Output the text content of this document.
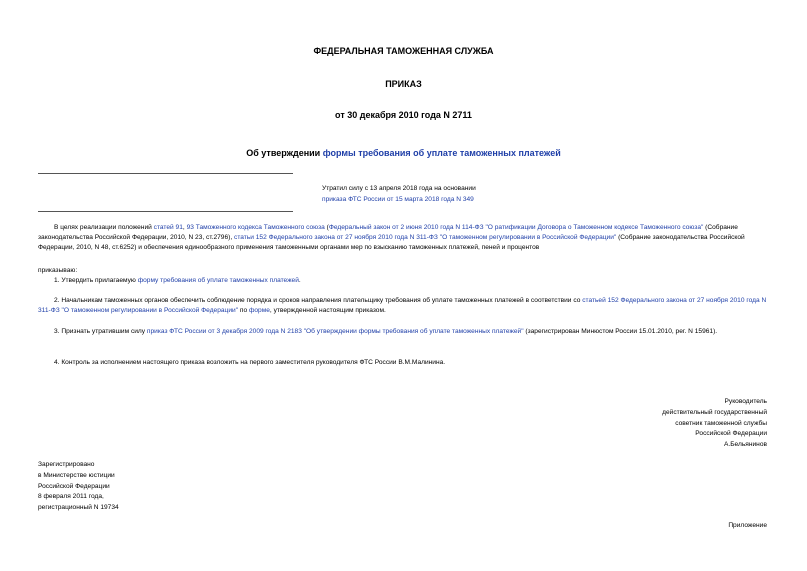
ФЕДЕРАЛЬНАЯ ТАМОЖЕННАЯ СЛУЖБА
ПРИКАЗ
от 30 декабря 2010 года N 2711
Об утверждении формы требования об уплате таможенных платежей
Утратил силу с 13 апреля 2018 года на основании
приказа ФТС России от 15 марта 2018 года N 349
В целях реализации положений статей 91, 93 Таможенного кодекса Таможенного союза (Федеральный закон от 2 июня 2010 года N 114-ФЗ "О ратификации Договора о Таможенном кодексе Таможенного союза" (Собрание законодательства Российской Федерации, 2010, N 23, ст.2796), статьи 152 Федерального закона от 27 ноября 2010 года N 311-ФЗ "О таможенном регулировании в Российской Федерации" (Собрание законодательства Российской Федерации, 2010, N 48, ст.6252) и обеспечения единообразного применения таможенными органами мер по взысканию таможенных платежей, пеней и процентов
приказываю:
1. Утвердить прилагаемую форму требования об уплате таможенных платежей.
2. Начальникам таможенных органов обеспечить соблюдение порядка и сроков направления плательщику требования об уплате таможенных платежей в соответствии со статьей 152 Федерального закона от 27 ноября 2010 года N 311-ФЗ "О таможенном регулировании в Российской Федерации" по форме, утвержденной настоящим приказом.
3. Признать утратившим силу приказ ФТС России от 3 декабря 2009 года N 2183 "Об утверждении формы требования об уплате таможенных платежей" (зарегистрирован Минюстом России 15.01.2010, рег. N 15961).
4. Контроль за исполнением настоящего приказа возложить на первого заместителя руководителя ФТС России В.М.Малинина.
Руководитель
действительный государственный
советник таможенной службы
Российской Федерации
А.Бельянинов
Зарегистрировано
в Министерстве юстиции
Российской Федерации
8 февраля 2011 года,
регистрационный N 19734
Приложение
